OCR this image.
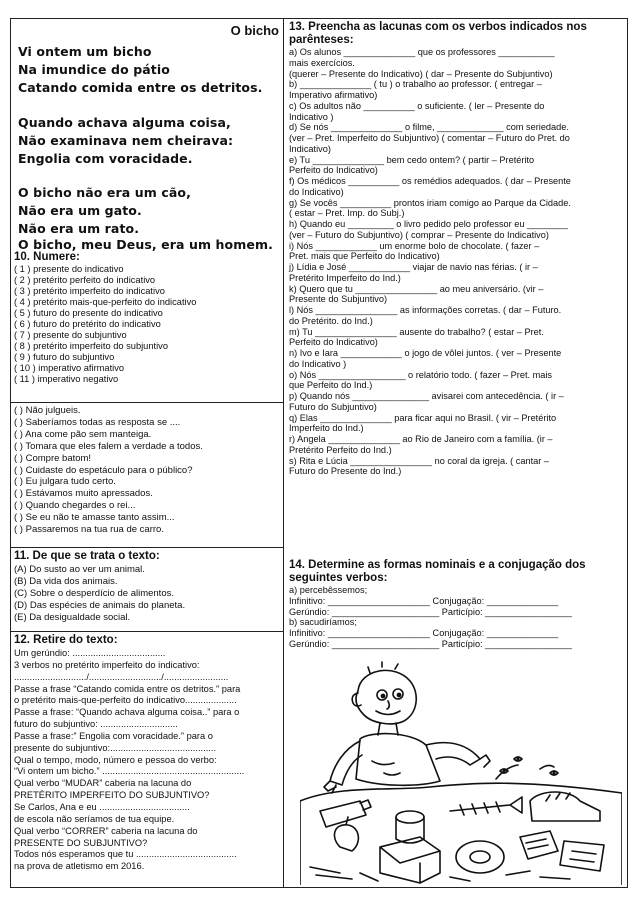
O bicho
Vi ontem um bicho
Na imundice do pátio
Catando comida entre os detritos.
Quando achava alguma coisa,
Não examinava nem cheirava:
Engolia com voracidade.
O bicho não era um cão,
Não era um gato.
Não era um rato.
O bicho, meu Deus, era um homem.
10. Numere:
( 1 ) presente do indicativo
( 2 ) pretérito perfeito do indicativo
( 3 ) pretérito imperfeito do indicativo
( 4 ) pretérito mais-que-perfeito do indicativo
( 5 ) futuro do presente do indicativo
( 6 ) futuro do pretérito do indicativo
( 7 ) presente do subjuntivo
( 8 ) pretérito imperfeito do subjuntivo
( 9 ) futuro do subjuntivo
( 10 ) imperativo afirmativo
( 11 ) imperativo negativo
( ) Não julgueis.
( ) Saberíamos todas as resposta se ....
( ) Ana come pão sem manteiga.
( ) Tomara que eles falem a verdade a todos.
( ) Compre batom!
( ) Cuidaste do espetáculo para o público?
( ) Eu julgara tudo certo.
( ) Estávamos muito apressados.
( ) Quando chegardes o rei...
( ) Se eu não te amasse tanto assim...
( ) Passaremos na tua rua de carro.
11. De que se trata o texto:
(A) Do susto ao ver um animal.
(B) Da vida dos animais.
(C) Sobre o desperdício de alimentos.
(D) Das espécies de animais do planeta.
(E) Da desigualdade social.
12. Retire do texto:
Um gerúndio: ....................................
3 verbos no pretérito imperfeito do indicativo:
............................/............................/.........................
Passe a frase “Catando comida entre os detritos.” para
o pretérito mais-que-perfeito do indicativo....................
Passe a frase: “Quando achava alguma coisa..” para o
futuro do subjuntivo: ..............................
Passe a frase:” Engolia com voracidade.” para o
presente do subjuntivo:.........................................
Qual o tempo, modo, número e pessoa do verbo:
“Vi ontem um bicho.” .......................................................
Qual verbo “MUDAR” caberia na lacuna do
PRETÉRITO IMPERFEITO DO SUBJUNTIVO?
Se Carlos, Ana e eu ...................................
de escola não seríamos de tua equipe.
Qual verbo “CORRER” caberia na lacuna do
PRESENTE DO SUBJUNTIVO?
Todos nós esperamos que tu .......................................
na prova de atletismo em 2016.
13. Preencha as lacunas com os verbos indicados nos
parênteses:
a) Os alunos ______________ que os professores ___________
mais exercícios.
(querer – Presente do Indicativo) ( dar – Presente do Subjuntivo)
b) ______________ ( tu ) o trabalho ao professor. ( entregar –
Imperativo afirmativo)
c) Os adultos não __________ o suficiente. ( ler – Presente do
Indicativo )
d) Se nós ______________ o filme, _____________ com seriedade.
(ver – Pret. Imperfeito do Subjuntivo) ( comentar – Futuro do Pret. do
Indicativo)
e) Tu ______________ bem cedo ontem? ( partir – Pretérito
Perfeito do Indicativo)
f) Os médicos __________ os remédios adequados. ( dar – Presente
do Indicativo)
g) Se vocês __________ prontos iriam comigo ao Parque da Cidade.
( estar – Pret. Imp. do Subj.)
h) Quando eu _________ o livro pedido pelo professor eu ________
(ver – Futuro do Subjuntivo) ( comprar – Presente do Indicativo)
i) Nós ____________ um enorme bolo de chocolate. ( fazer –
Pret. mais que Perfeito do Indicativo)
j) Lídia e José ____________ viajar de navio nas férias. ( ir –
Pretérito Imperfeito do Ind.)
k) Quero que tu ________________ ao meu aniversário. (vir –
Presente do Subjuntivo)
l) Nós ________________ as informações corretas. ( dar – Futuro.
do Pretérito. do Ind.)
m) Tu ________________ ausente do trabalho? ( estar – Pret.
Perfeito do Indicativo)
n) Ivo e Iara ____________ o jogo de vôlei juntos. ( ver – Presente
do Indicativo )
o) Nós _________________ o relatório todo. ( fazer – Pret. mais
que Perfeito do Ind.)
p) Quando nós _______________ avisarei com antecedência. ( ir –
Futuro do Subjuntivo)
q) Elas ______________ para ficar aqui no Brasil. ( vir – Pretérito
Imperfeito do Ind.)
r) Angela ______________ ao Rio de Janeiro com a família. (ir –
Pretérito Perfeito do Ind.)
s) Rita e Lúcia ________________ no coral da igreja. ( cantar –
Futuro do Presente do Ind.)
14. Determine as formas nominais e a conjugação dos
seguintes verbos:
a) percebêssemos;
Infinitivo: ____________________ Conjugação: ______________
Gerúndio: _____________________ Particípio: _________________
b) sacudiríamos;
Infinitivo: ____________________ Conjugação: ______________
Gerúndio: _____________________ Particípio: _________________
